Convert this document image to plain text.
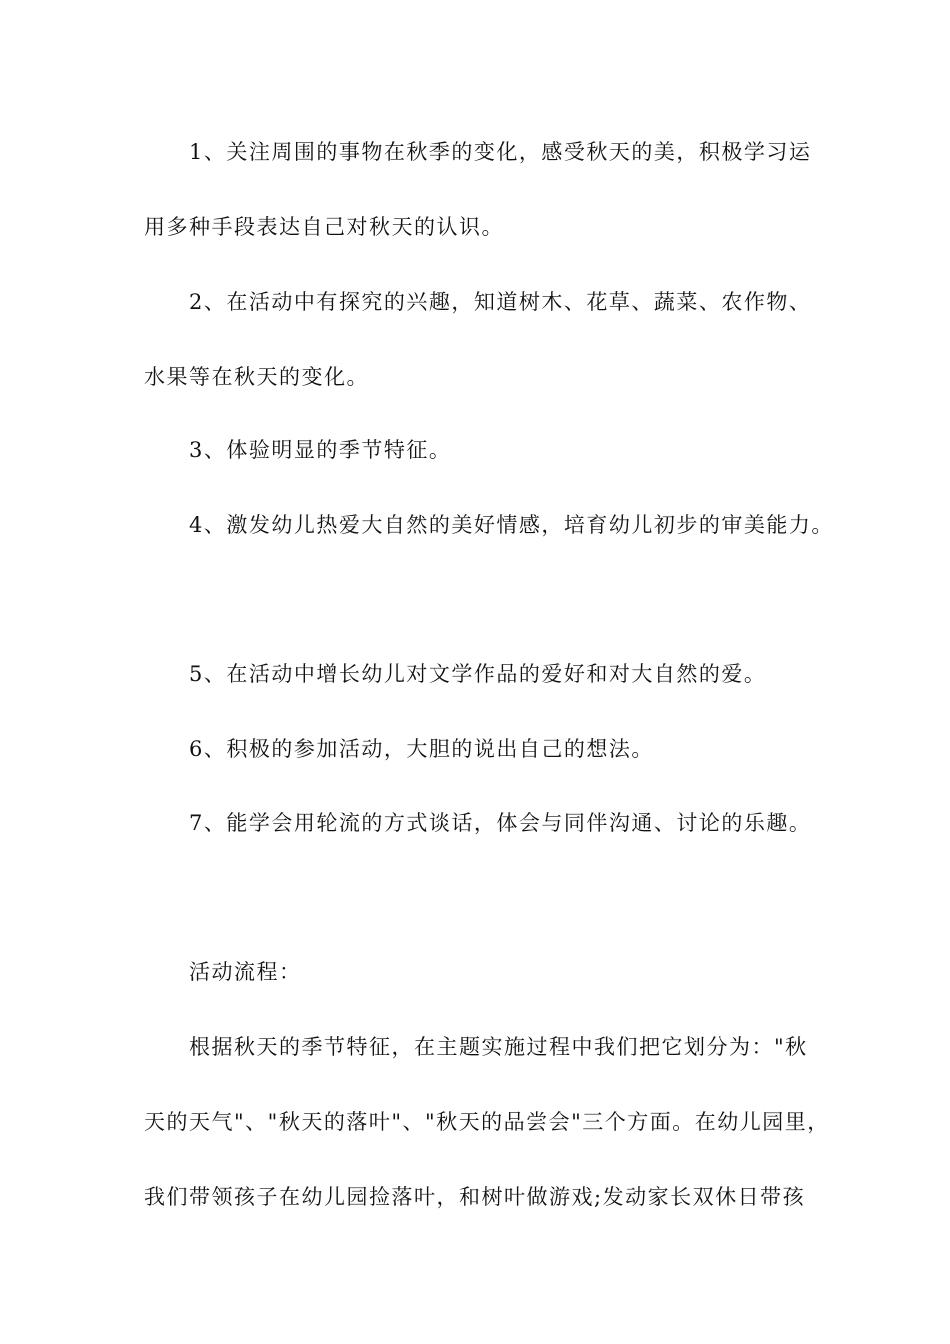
1、关注周围的事物在秋季的变化，感受秋天的美，积极学习运
用多种手段表达自己对秋天的认识。
2、在活动中有探究的兴趣，知道树木、花草、蔬菜、农作物、
水果等在秋天的变化。
3、体验明显的季节特征。
4、激发幼儿热爱大自然的美好情感，培育幼儿初步的审美能力。
5、在活动中增长幼儿对文学作品的爱好和对大自然的爱。
6、积极的参加活动，大胆的说出自己的想法。
7、能学会用轮流的方式谈话，体会与同伴沟通、讨论的乐趣。
活动流程：
根据秋天的季节特征，在主题实施过程中我们把它划分为："秋
天的天气"、"秋天的落叶"、"秋天的品尝会"三个方面。在幼儿园里，
我们带领孩子在幼儿园捡落叶，和树叶做游戏;发动家长双休日带孩
